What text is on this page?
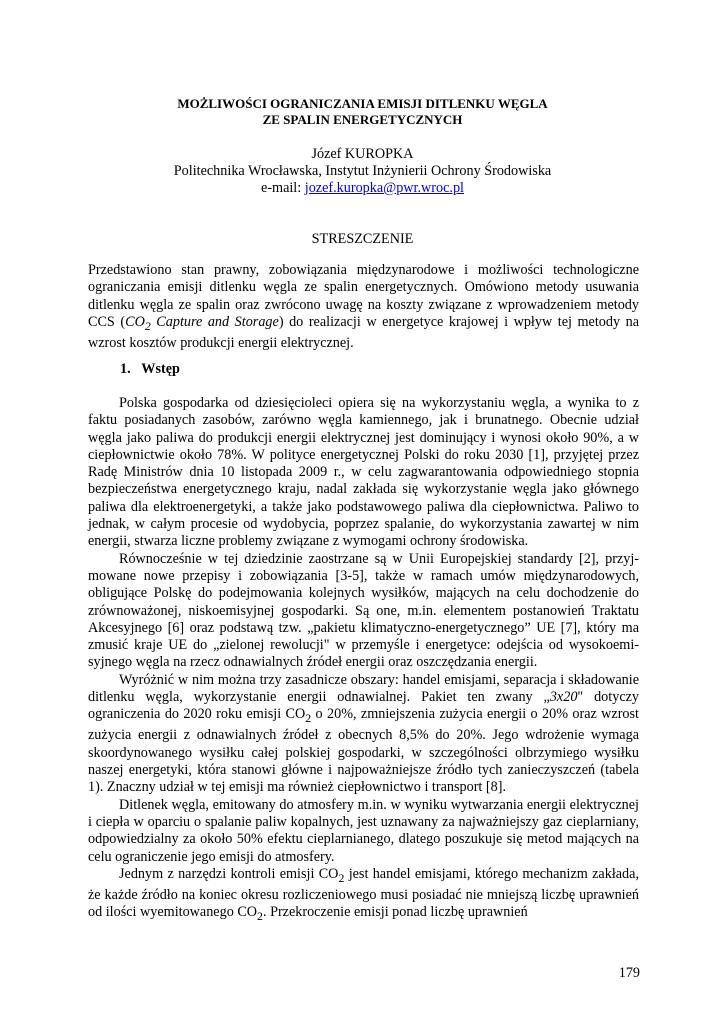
MOŻLIWOŚCI OGRANICZANIA EMISJI DITLENKU WĘGLA
ZE SPALIN ENERGETYCZNYCH
Józef KUROPKA
Politechnika Wrocławska, Instytut Inżynierii Ochrony Środowiska
e-mail: jozef.kuropka@pwr.wroc.pl
STRESZCZENIE
Przedstawiono stan prawny, zobowiązania międzynarodowe i możliwości technologiczne ograniczania emisji ditlenku węgla ze spalin energetycznych. Omówiono metody usuwania ditlenku węgla ze spalin oraz zwrócono uwagę na koszty związane z wprowadzeniem metody CCS ($CO_2$ Capture and Storage) do realizacji w energetyce krajowej i wpływ tej metody na wzrost kosztów produkcji energii elektrycznej.
1. Wstęp

Polska gospodarka od dziesięcioleci opiera się na wykorzystaniu węgla, a wynika to z faktu posiadanych zasobów, zarówno węgla kamiennego, jak i brunatnego. Obecnie udział węgla jako paliwa do produkcji energii elektrycznej jest dominujący i wynosi około 90%, a w ciepłownictwie około 78%. W polityce energetycznej Polski do roku 2030 [1], przyjętej przez Radę Ministrów dnia 10 listopada 2009 r., w celu zagwarantowania odpowiedniego stopnia bezpieczeństwa energetycznego kraju, nadal zakłada się wykorzystanie węgla jako głównego paliwa dla elektroenergetyki, a także jako podstawowego paliwa dla ciepłownictwa. Paliwo to jednak, w całym procesie od wydobycia, poprzez spalanie, do wykorzystania zawartej w nim energii, stwarza liczne problemy związane z wymogami ochrony środowiska.

Równocześnie w tej dziedzinie zaostrzane są w Unii Europejskiej standardy [2], przyjmowane nowe przepisy i zobowiązania [3-5], także w ramach umów międzynarodowych, obligujące Polskę do podejmowania kolejnych wysiłków, mających na celu dochodzenie do zrównoważonej, niskoemisyjnej gospodarki. Są one, m.in. elementem postanowień Traktatu Akcesyjnego [6] oraz podstawą tzw. „pakietu klimatyczno-energetycznego” UE [7], który ma zmusić kraje UE do „zielonej rewolucji" w przemyśle i energetyce: odejścia od wysokoemisyjnego węgla na rzecz odnawialnych źródeł energii oraz oszczędzania energii.

Wyróżnić w nim można trzy zasadnicze obszary: handel emisjami, separacja i składowanie ditlenku węgla, wykorzystanie energii odnawialnej. Pakiet ten zwany „3x20" dotyczy ograniczenia do 2020 roku emisji $CO_2$ o 20%, zmniejszenia zużycia energii o 20% oraz wzrost zużycia energii z odnawialnych źródeł z obecnych 8,5% do 20%. Jego wdrożenie wymaga skoordynowanego wysiłku całej polskiej gospodarki, w szczególności olbrzymiego wysiłku naszej energetyki, która stanowi główne i najpoważniejsze źródło tych zanieczyszczeń (tabela 1). Znaczny udział w tej emisji ma również ciepłownictwo i transport [8].

Ditlenek węgla, emitowany do atmosfery m.in. w wyniku wytwarzania energii elektrycznej i ciepła w oparciu o spalanie paliw kopalnych, jest uznawany za najważniejszy gaz cieplarniany, odpowiedzialny za około 50% efektu cieplarnianego, dlatego poszukuje się metod mających na celu ograniczenie jego emisji do atmosfery.

Jednym z narzędzi kontroli emisji $CO_2$ jest handel emisjami, którego mechanizm zakłada, że każde źródło na koniec okresu rozliczeniowego musi posiadać nie mniejszą liczbę uprawnień od ilości wyemitowanego $CO_2$. Przekroczenie emisji ponad liczbę uprawnień

179
